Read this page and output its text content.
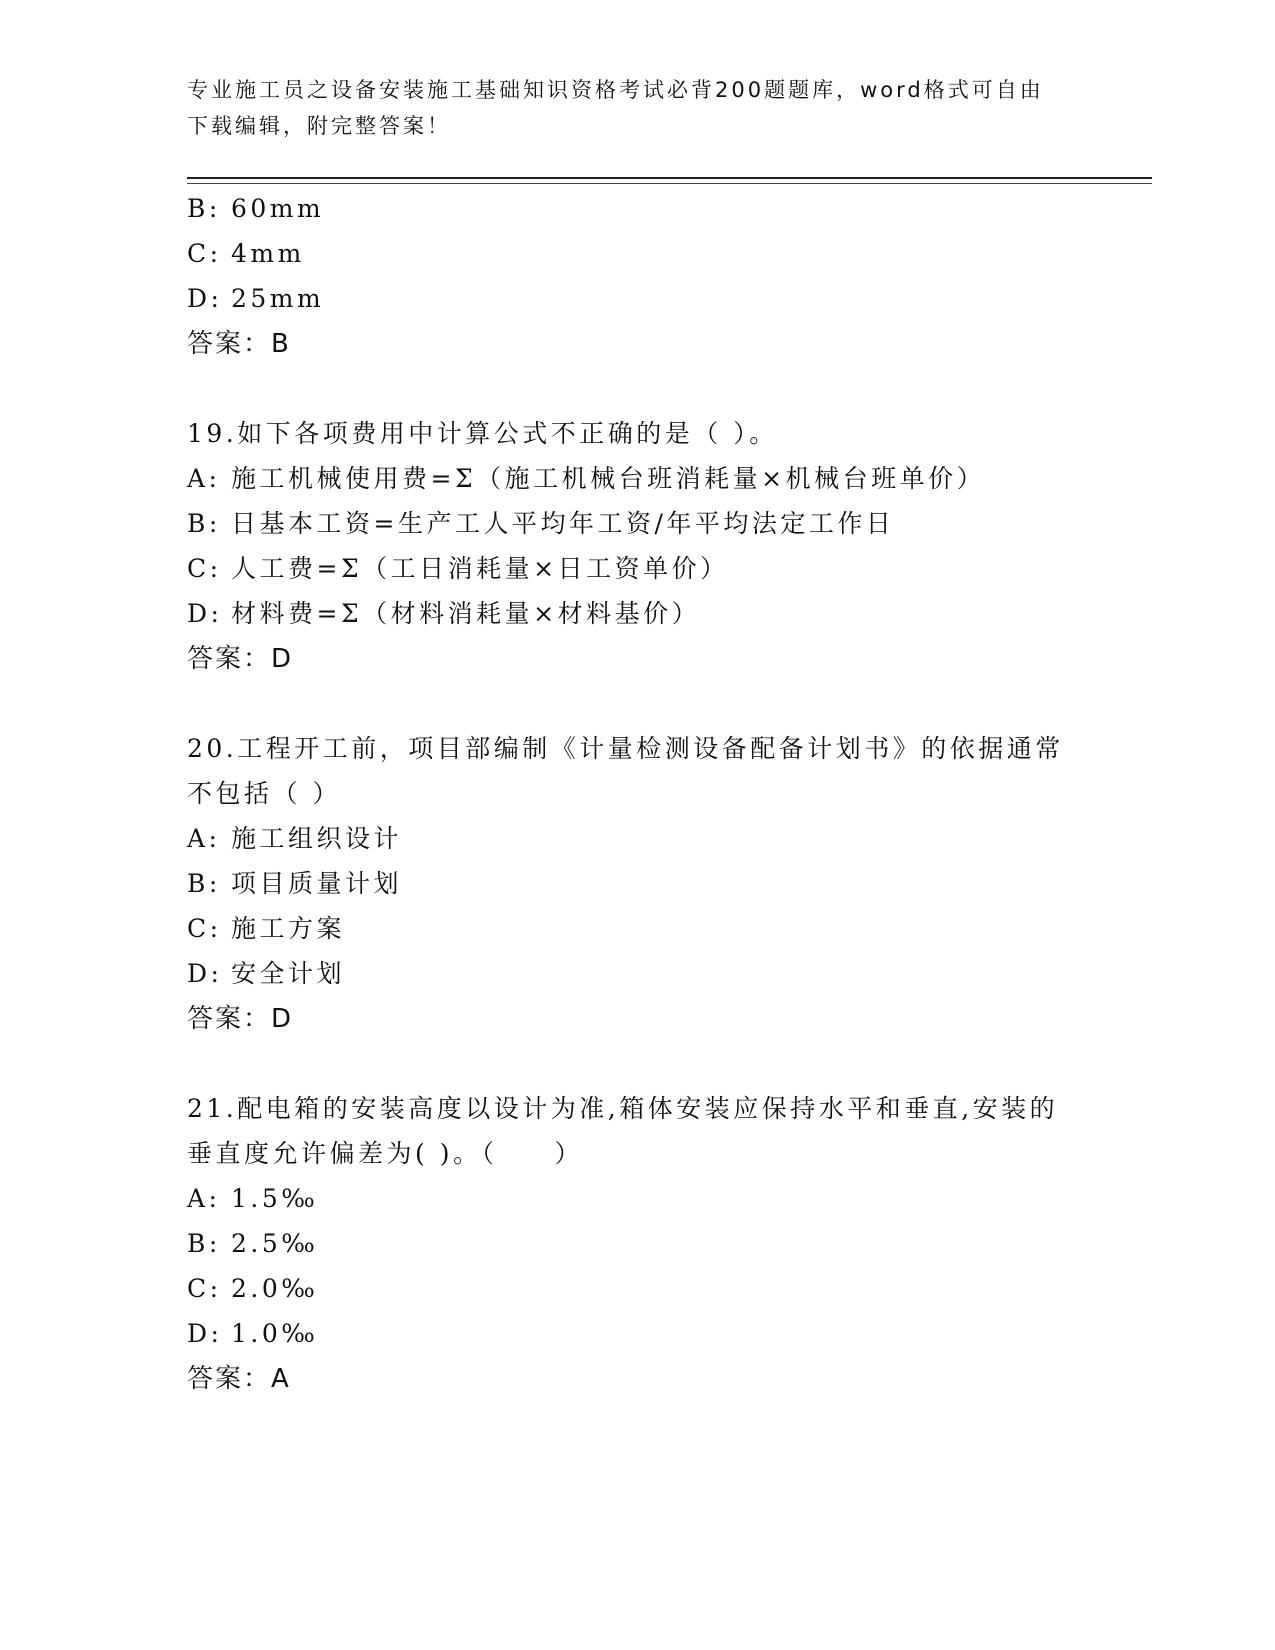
专业施工员之设备安装施工基础知识资格考试必背200题题库，word格式可自由下载编辑，附完整答案！
B: 60mm
C: 4mm
D: 25mm
答案：B
19.如下各项费用中计算公式不正确的是（ ）。
A: 施工机械使用费=Σ（施工机械台班消耗量×机械台班单价）
B: 日基本工资=生产工人平均年工资/年平均法定工作日
C: 人工费=Σ（工日消耗量×日工资单价）
D: 材料费=Σ（材料消耗量×材料基价）
答案：D
20.工程开工前，项目部编制《计量检测设备配备计划书》的依据通常
不包括（ ）
A: 施工组织设计
B: 项目质量计划
C: 施工方案
D: 安全计划
答案：D
21.配电箱的安装高度以设计为准,箱体安装应保持水平和垂直,安装的
垂直度允许偏差为( )。（　　）
A: 1.5‰
B: 2.5‰
C: 2.0‰
D: 1.0‰
答案：A
